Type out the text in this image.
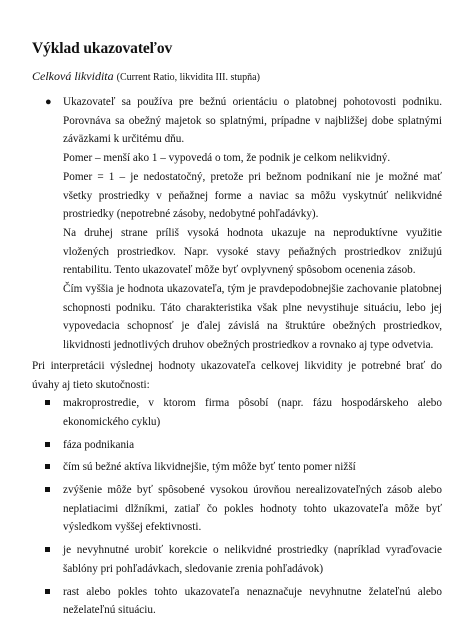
Výklad ukazovateľov

Celková likvidita (Current Ratio, likvidita III. stupňa)

● Ukazovateľ sa používa pre bežnú orientáciu o platobnej pohotovosti podniku. Porovnáva sa obežný majetok so splatnými, prípadne v najbližšej dobe splatnými záväzkami k určitému dňu.

Pomer – menší ako 1 – vypovedá o tom, že podnik je celkom nelikvidný.

Pomer = 1 – je nedostatočný, pretože pri bežnom podnikaní nie je možné mať všetky prostriedky v peňažnej forme a naviac sa môžu vyskytnúť nelikvidné prostriedky (nepotrebné zásoby, nedobytné pohľadávky).

Na druhej strane príliš vysoká hodnota ukazuje na neproduktívne využitie vložených prostriedkov. Napr. vysoké stavy peňažných prostriedkov znižujú rentabilitu. Tento ukazovateľ môže byť ovplyvnený spôsobom ocenenia zásob.

Čím vyššia je hodnota ukazovateľa, tým je pravdepodobnejšie zachovanie platobnej schopnosti podniku. Táto charakteristika však plne nevystihuje situáciu, lebo jej vypovedacia schopnosť je ďalej závislá na štruktúre obežných prostriedkov, likvidnosti jednotlivých druhov obežných prostriedkov a rovnako aj type odvetvia.

Pri interpretácii výslednej hodnoty ukazovateľa celkovej likvidity je potrebné brať do úvahy aj tieto skutočnosti:

makroprostredie, v ktorom firma pôsobí (napr. fázu hospodárskeho alebo ekonomického cyklu)
fáza podnikania
čím sú bežné aktíva likvidnejšie, tým môže byť tento pomer nižší
zvýšenie môže byť spôsobené vysokou úrovňou nerealizovateľných zásob alebo neplatiacimi dlžníkmi, zatiaľ čo pokles hodnoty tohto ukazovateľa môže byť výsledkom vyššej efektivnosti.
je nevyhnutné urobiť korekcie o nelikvidné prostriedky (napríklad vyraďovacie šablóny pri pohľadávkach, sledovanie zrenia pohľadávok)
rast alebo pokles tohto ukazovateľa nenaznačuje nevyhnutne želateľnú alebo neželateľnú situáciu.
